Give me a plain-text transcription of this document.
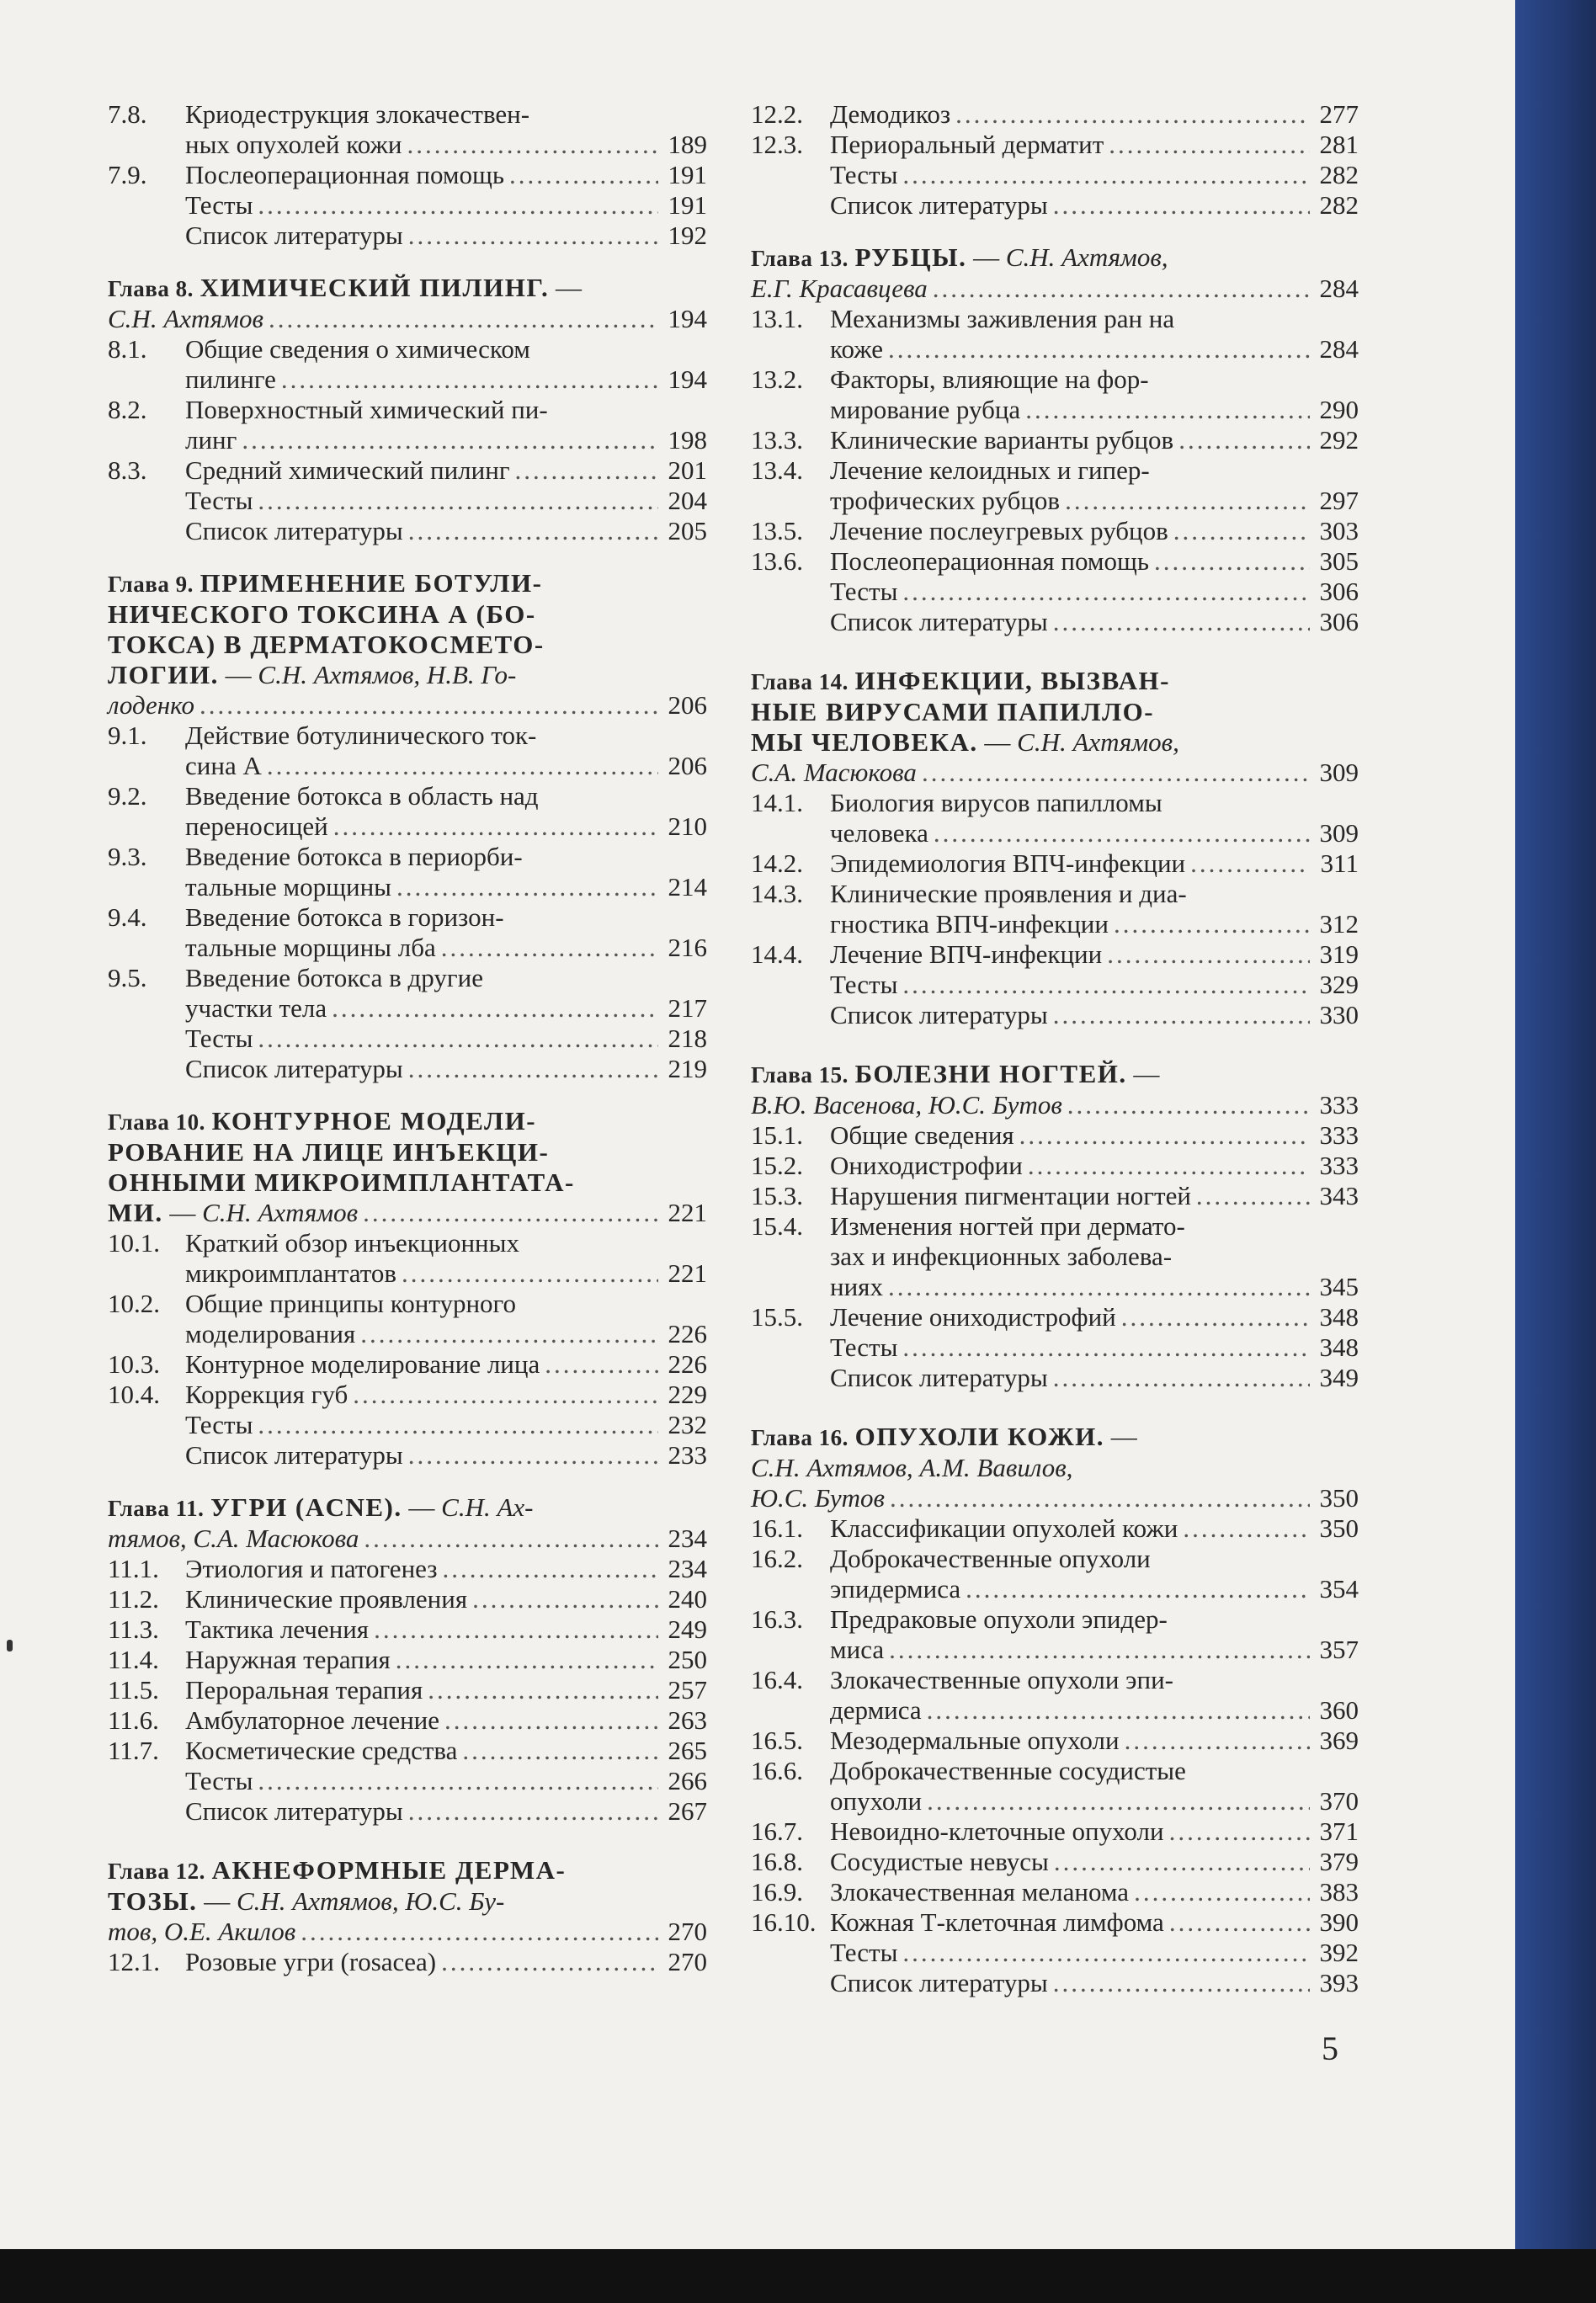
7.8.	Криодеструкция злокачествен-
ных опухолей кожи .....	189
7.9.	Послеоперационная помощь .....	191
Тесты .....	191
Список литературы .....	192
Глава 8. ХИМИЧЕСКИЙ ПИЛИНГ. —
С.Н. Ахтямов .....	194
8.1.	Общие сведения о химическом
пилинге .....	194
8.2.	Поверхностный химический пи-
линг .....	198
8.3.	Средний химический пилинг .....	201
Тесты .....	204
Список литературы .....	205
Глава 9. ПРИМЕНЕНИЕ БОТУЛИ-
НИЧЕСКОГО ТОКСИНА А (БО-
ТОКСА) В ДЕРМАТОКОСМЕТО-
ЛОГИИ. — С.Н. Ахтямов, Н.В. Го-
лоденко .....	206
9.1.	Действие ботулинического ток-
сина А .....	206
9.2.	Введение ботокса в область над
переносицей .....	210
9.3.	Введение ботокса в периорби-
тальные морщины .....	214
9.4.	Введение ботокса в горизон-
тальные морщины лба .....	216
9.5.	Введение ботокса в другие
участки тела .....	217
Тесты .....	218
Список литературы .....	219
Глава 10. КОНТУРНОЕ МОДЕЛИ-
РОВАНИЕ НА ЛИЦЕ ИНЪЕКЦИ-
ОННЫМИ МИКРОИМПЛАНТАТА-
МИ. — С.Н. Ахтямов .....	221
10.1. Краткий обзор инъекционных
микроимплантатов .....	221
10.2. Общие принципы контурного
моделирования .....	226
10.3. Контурное моделирование лица .....	226
10.4. Коррекция губ .....	229
Тесты .....	232
Список литературы .....	233
Глава 11. УГРИ (ACNE). — С.Н. Ах-
тямов, С.А. Масюкова .....	234
11.1.	Этиология и патогенез .....	234
11.2.	Клинические проявления .....	240
11.3.	Тактика лечения .....	249
11.4.	Наружная терапия .....	250
11.5.	Пероральная терапия .....	257
11.6.	Амбулаторное лечение .....	263
11.7.	Косметические средства .....	265
Тесты .....	266
Список литературы .....	267
Глава 12. АКНЕФОРМНЫЕ ДЕРМА-
ТОЗЫ. — С.Н. Ахтямов, Ю.С. Бу-
тов, О.Е. Акилов .....	270
12.1. Розовые угри (rosacea) .....	270
12.2.	Демодикоз .....	277
12.3.	Периоральный дерматит .....	281
Тесты .....	282
Список литературы .....	282
Глава 13. РУБЦЫ. — С.Н. Ахтямов,
Е.Г. Красавцева .....	284
13.1.	Механизмы заживления ран на
коже .....	284
13.2.	Факторы, влияющие на фор-
мирование рубца .....	290
13.3.	Клинические варианты рубцов .....	292
13.4.	Лечение келоидных и гипер-
трофических рубцов .....	297
13.5.	Лечение послеугревых рубцов .....	303
13.6.	Послеоперационная помощь .....	305
Тесты .....	306
Список литературы .....	306
Глава 14. ИНФЕКЦИИ, ВЫЗВАН-
НЫЕ ВИРУСАМИ ПАПИЛЛО-
МЫ ЧЕЛОВЕКА. — С.Н. Ахтямов,
С.А. Масюкова .....	309
14.1.	Биология вирусов папилломы
человека .....	309
14.2.	Эпидемиология ВПЧ-инфекции .....	311
14.3.	Клинические проявления и диа-
гностика ВПЧ-инфекции .....	312
14.4.	Лечение ВПЧ-инфекции .....	319
Тесты .....	329
Список литературы .....	330
Глава 15. БОЛЕЗНИ НОГТЕЙ. —
В.Ю. Васенова, Ю.С. Бутов .....	333
15.1.	Общие сведения .....	333
15.2.	Ониходистрофии .....	333
15.3.	Нарушения пигментации ногтей .....	343
15.4.	Изменения ногтей при дермато-
зах и инфекционных заболева-
ниях .....	345
15.5.	Лечение ониходистрофий .....	348
Тесты .....	348
Список литературы .....	349
Глава 16. ОПУХОЛИ КОЖИ. —
С.Н. Ахтямов, А.М. Вавилов,
Ю.С. Бутов .....	350
16.1.	Классификации опухолей кожи .....	350
16.2.	Доброкачественные опухоли
эпидермиса .....	354
16.3.	Предраковые опухоли эпидер-
миса .....	357
16.4.	Злокачественные опухоли эпи-
дермиса .....	360
16.5.	Мезодермальные опухоли .....	369
16.6.	Доброкачественные сосудистые
опухоли .....	370
16.7.	Невоидно-клеточные опухоли .....	371
16.8.	Сосудистые невусы .....	379
16.9.	Злокачественная меланома .....	383
16.10. Кожная Т-клеточная лимфома .....	390
Тесты .....	392
Список литературы .....	393
5
